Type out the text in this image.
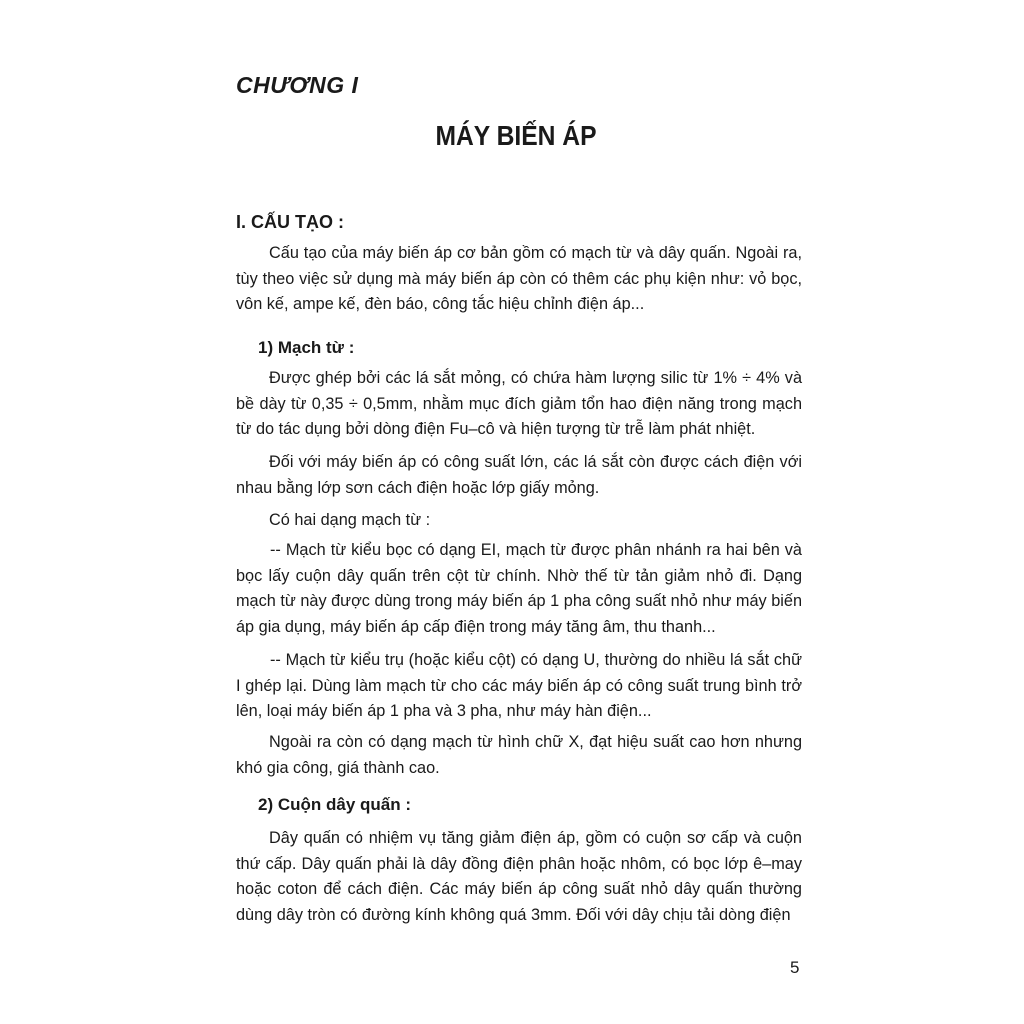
CHƯƠNG I
MÁY BIẾN ÁP
I. CẤU TẠO :

Cấu tạo của máy biến áp cơ bản gồm có mạch từ và dây quấn. Ngoài ra, tùy theo việc sử dụng mà máy biến áp còn có thêm các phụ kiện như: vỏ bọc, vôn kế, ampe kế, đèn báo, công tắc hiệu chỉnh điện áp...

1) Mạch từ :

Được ghép bởi các lá sắt mỏng, có chứa hàm lượng silic từ 1% ÷ 4% và bề dày từ 0,35 ÷ 0,5mm, nhằm mục đích giảm tổn hao điện năng trong mạch từ do tác dụng bởi dòng điện Fu–cô và hiện tượng từ trễ làm phát nhiệt.

Đối với máy biến áp có công suất lớn, các lá sắt còn được cách điện với nhau bằng lớp sơn cách điện hoặc lớp giấy mỏng.

Có hai dạng mạch từ :

-- Mạch từ kiểu bọc có dạng EI, mạch từ được phân nhánh ra hai bên và bọc lấy cuộn dây quấn trên cột từ chính. Nhờ thế từ tản giảm nhỏ đi. Dạng mạch từ này được dùng trong máy biến áp 1 pha công suất nhỏ như máy biến áp gia dụng, máy biến áp cấp điện trong máy tăng âm, thu thanh...

-- Mạch từ kiểu trụ (hoặc kiểu cột) có dạng U, thường do nhiều lá sắt chữ I ghép lại. Dùng làm mạch từ cho các máy biến áp có công suất trung bình trở lên, loại máy biến áp 1 pha và 3 pha, như máy hàn điện...

Ngoài ra còn có dạng mạch từ hình chữ X, đạt hiệu suất cao hơn nhưng khó gia công, giá thành cao.

2) Cuộn dây quấn :

Dây quấn có nhiệm vụ tăng giảm điện áp, gồm có cuộn sơ cấp và cuộn thứ cấp. Dây quấn phải là dây đồng điện phân hoặc nhôm, có bọc lớp ê–may hoặc coton để cách điện. Các máy biến áp công suất nhỏ dây quấn thường dùng dây tròn có đường kính không quá 3mm. Đối với dây chịu tải dòng điện

5
